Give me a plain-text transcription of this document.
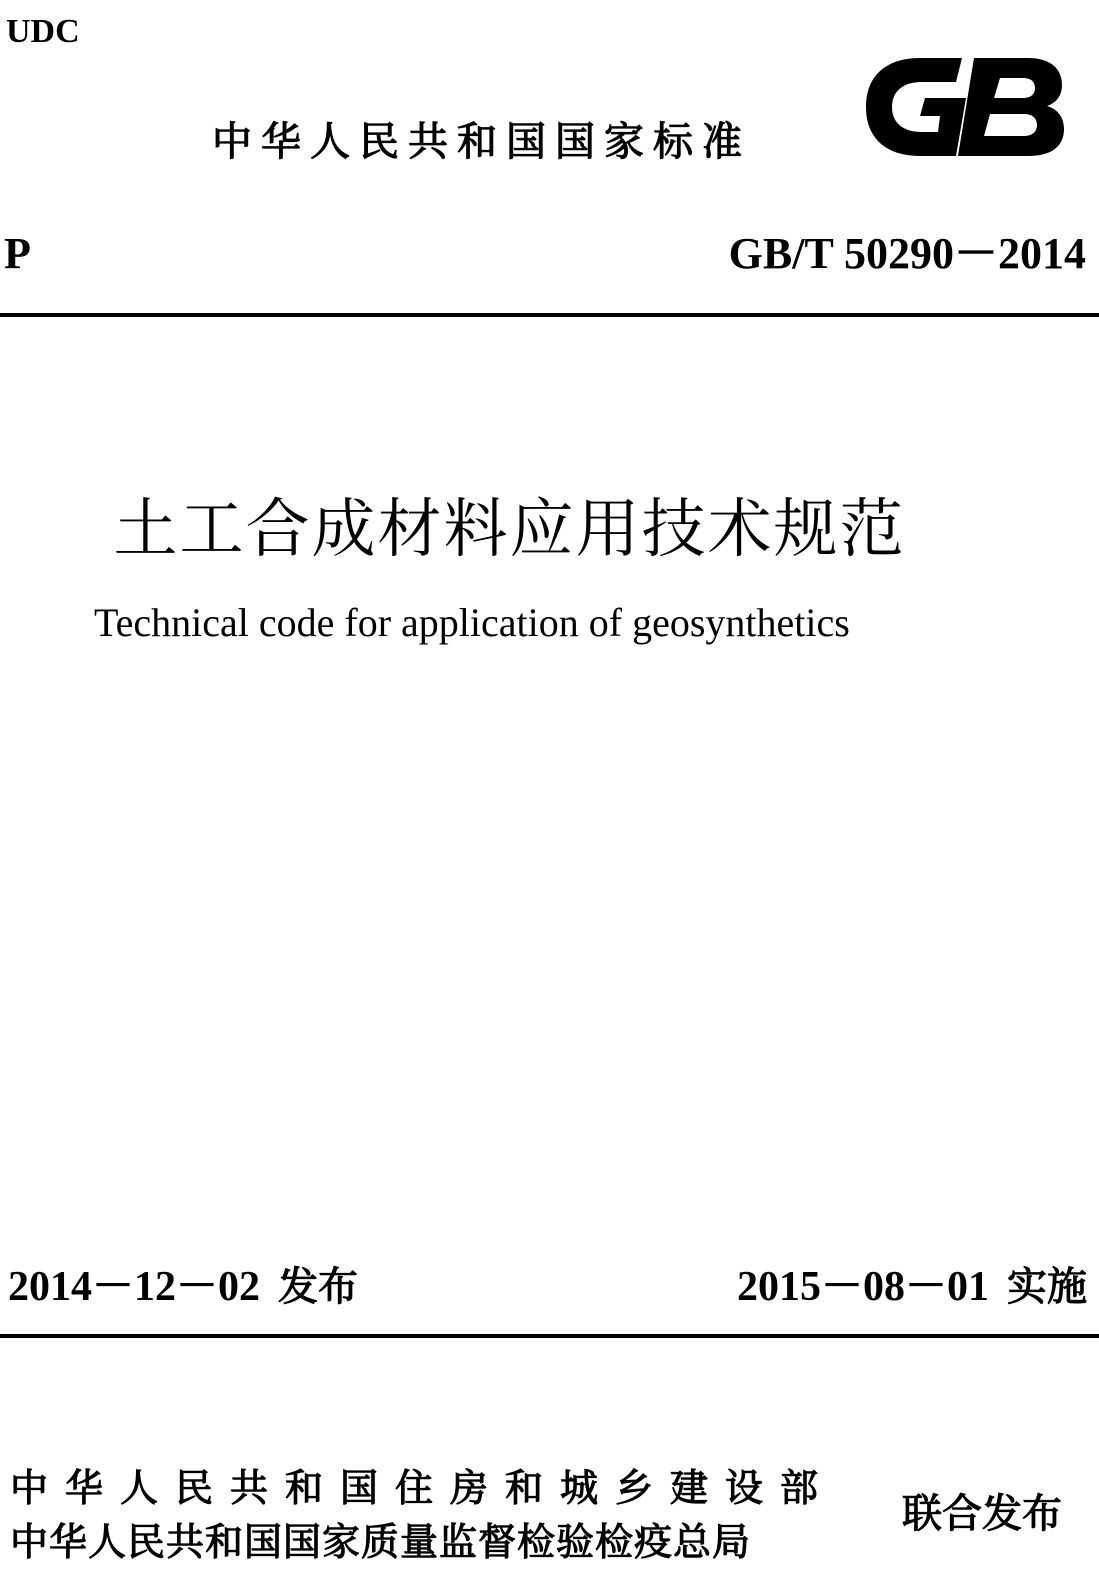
UDC
中华人民共和国国家标准
P	GB/T 50290－2014
土工合成材料应用技术规范
Technical code for application of geosynthetics
2014－12－02 发布	2015－08－01 实施
中华人民共和国住房和城乡建设部
中华人民共和国国家质量监督检验检疫总局
联合发布
